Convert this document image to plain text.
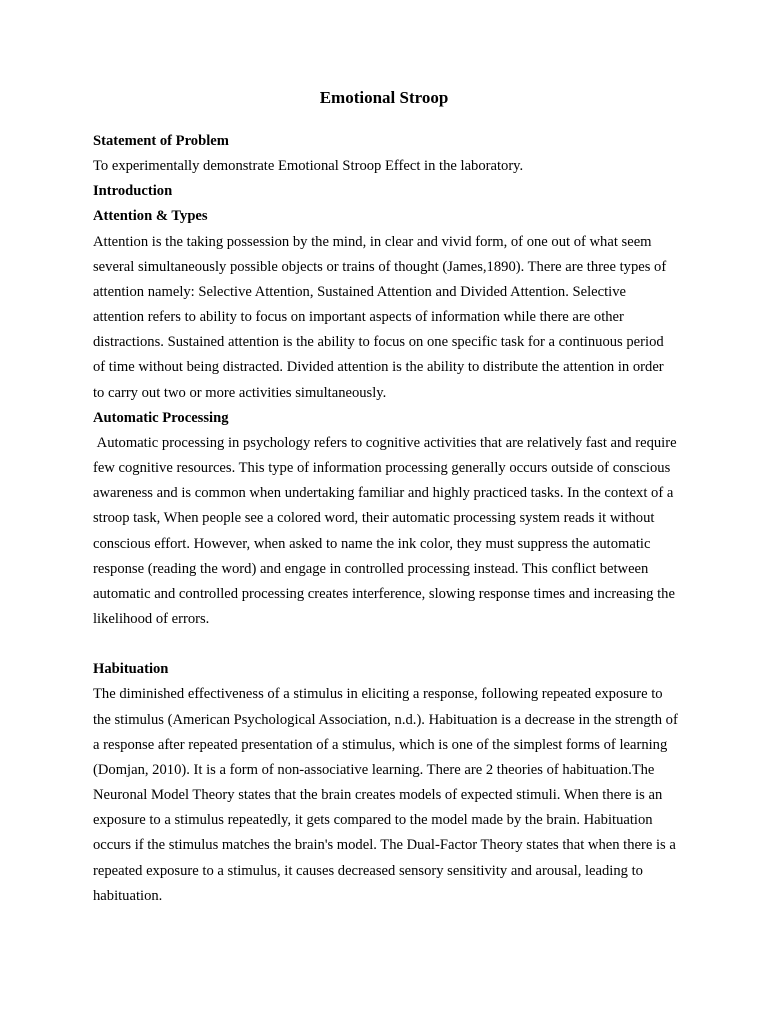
Emotional Stroop

Statement of Problem

To experimentally demonstrate Emotional Stroop Effect in the laboratory.

Introduction

Attention & Types

Attention is the taking possession by the mind, in clear and vivid form, of one out of what seem several simultaneously possible objects or trains of thought (James,1890). There are three types of attention namely: Selective Attention, Sustained Attention and Divided Attention. Selective attention refers to ability to focus on important aspects of information while there are other distractions. Sustained attention is the ability to focus on one specific task for a continuous period of time without being distracted. Divided attention is the ability to distribute the attention in order to carry out two or more activities simultaneously.

Automatic Processing

Automatic processing in psychology refers to cognitive activities that are relatively fast and require few cognitive resources. This type of information processing generally occurs outside of conscious awareness and is common when undertaking familiar and highly practiced tasks. In the context of a stroop task, When people see a colored word, their automatic processing system reads it without conscious effort. However, when asked to name the ink color, they must suppress the automatic response (reading the word) and engage in controlled processing instead. This conflict between automatic and controlled processing creates interference, slowing response times and increasing the likelihood of errors.

Habituation

The diminished effectiveness of a stimulus in eliciting a response, following repeated exposure to the stimulus (American Psychological Association, n.d.). Habituation is a decrease in the strength of a response after repeated presentation of a stimulus, which is one of the simplest forms of learning (Domjan, 2010). It is a form of non-associative learning. There are 2 theories of habituation.The Neuronal Model Theory states that the brain creates models of expected stimuli. When there is an exposure to a stimulus repeatedly, it gets compared to the model made by the brain. Habituation occurs if the stimulus matches the brain's model. The Dual-Factor Theory states that when there is a repeated exposure to a stimulus, it causes decreased sensory sensitivity and arousal, leading to habituation.
